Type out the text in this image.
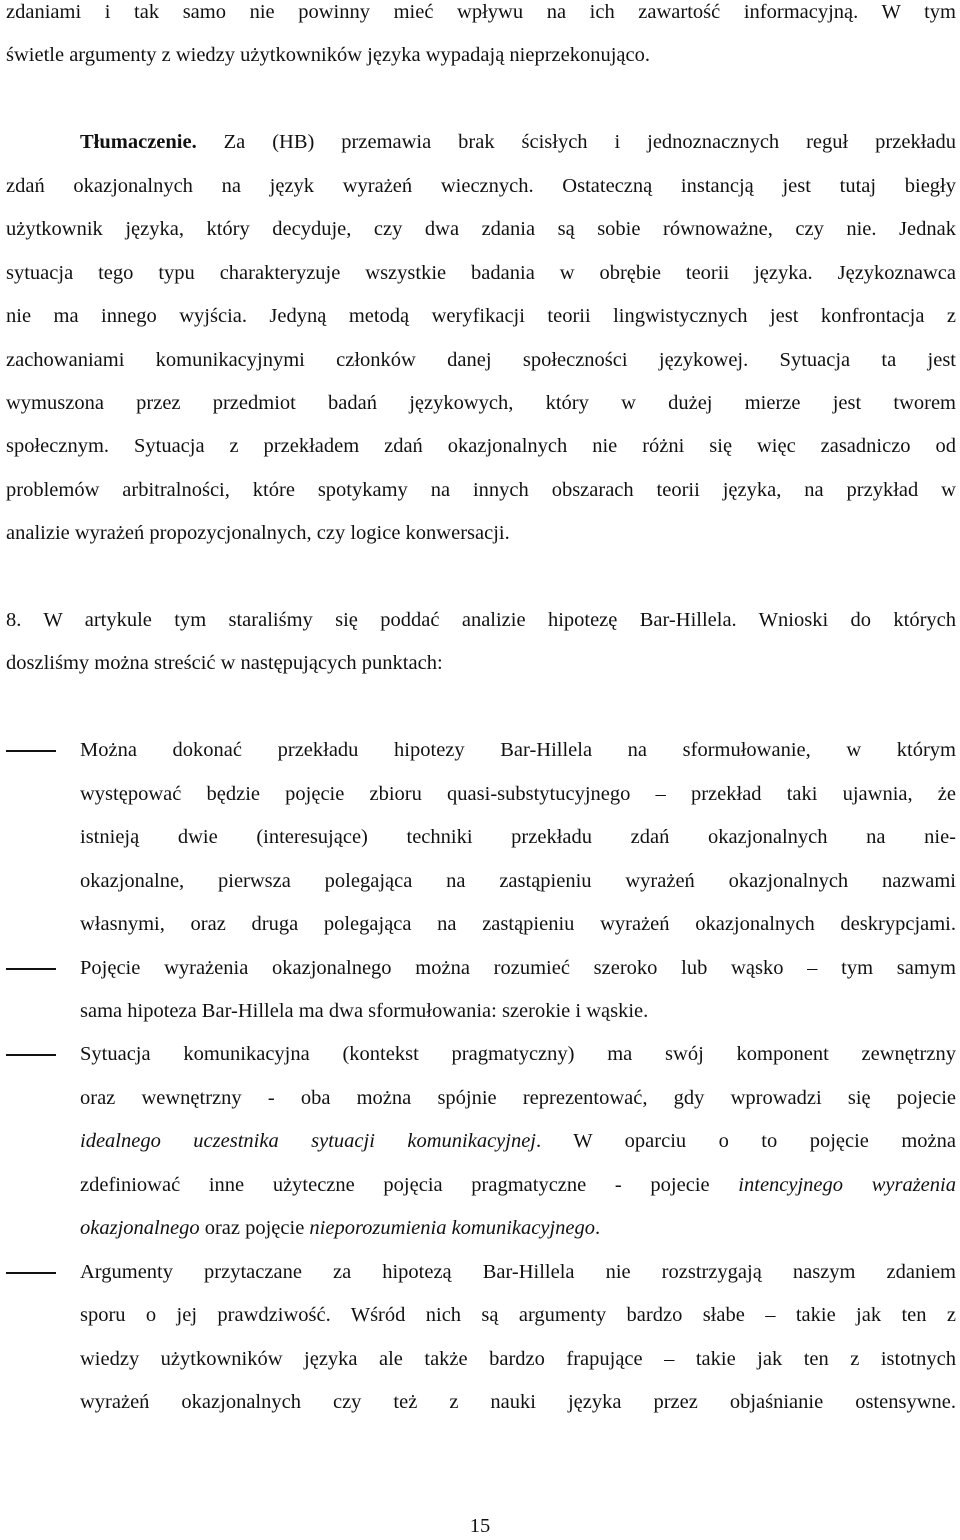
zdaniami i tak samo nie powinny mieć wpływu na ich zawartość informacyjną. W tym
świetle argumenty z wiedzy użytkowników języka wypadają nieprzekonująco.
Tłumaczenie. Za (HB) przemawia brak ścisłych i jednoznacznych reguł przekładu
zdań okazjonalnych na język wyrażeń wiecznych. Ostateczną instancją jest tutaj biegły
użytkownik języka, który decyduje, czy dwa zdania są sobie równoważne, czy nie. Jednak
sytuacja tego typu charakteryzuje wszystkie badania w obrębie teorii języka. Językoznawca
nie ma innego wyjścia. Jedyną metodą weryfikacji teorii lingwistycznych jest konfrontacja z
zachowaniami komunikacyjnymi członków danej społeczności językowej. Sytuacja ta jest
wymuszona przez przedmiot badań językowych, który w dużej mierze jest tworem
społecznym. Sytuacja z przekładem zdań okazjonalnych nie różni się więc zasadniczo od
problemów arbitralności, które spotykamy na innych obszarach teorii języka, na przykład w
analizie wyrażeń propozycjonalnych, czy logice konwersacji.
8. W artykule tym staraliśmy się poddać analizie hipotezę Bar-Hillela. Wnioski do których
doszliśmy można streścić w następujących punktach:
Można dokonać przekładu hipotezy Bar-Hillela na sformułowanie, w którym
występować będzie pojęcie zbioru quasi-substytucyjnego – przekład taki ujawnia, że
istnieją dwie (interesujące) techniki przekładu zdań okazjonalnych na nie-
okazjonalne, pierwsza polegająca na zastąpieniu wyrażeń okazjonalnych nazwami
własnymi, oraz druga polegająca na zastąpieniu wyrażeń okazjonalnych deskrypcjami.
Pojęcie wyrażenia okazjonalnego można rozumieć szeroko lub wąsko – tym samym
sama hipoteza Bar-Hillela ma dwa sformułowania: szerokie i wąskie.
Sytuacja komunikacyjna (kontekst pragmatyczny) ma swój komponent zewnętrzny
oraz wewnętrzny - oba można spójnie reprezentować, gdy wprowadzi się pojecie
idealnego uczestnika sytuacji komunikacyjnej. W oparciu o to pojęcie można
zdefiniować inne użyteczne pojęcia pragmatyczne - pojecie intencyjnego wyrażenia
okazjonalnego oraz pojęcie nieporozumienia komunikacyjnego.
Argumenty przytaczane za hipotezą Bar-Hillela nie rozstrzygają naszym zdaniem
sporu o jej prawdziwość. Wśród nich są argumenty bardzo słabe – takie jak ten z
wiedzy użytkowników języka ale także bardzo frapujące – takie jak ten z istotnych
wyrażeń okazjonalnych czy też z nauki języka przez objaśnianie ostensywne.
15
